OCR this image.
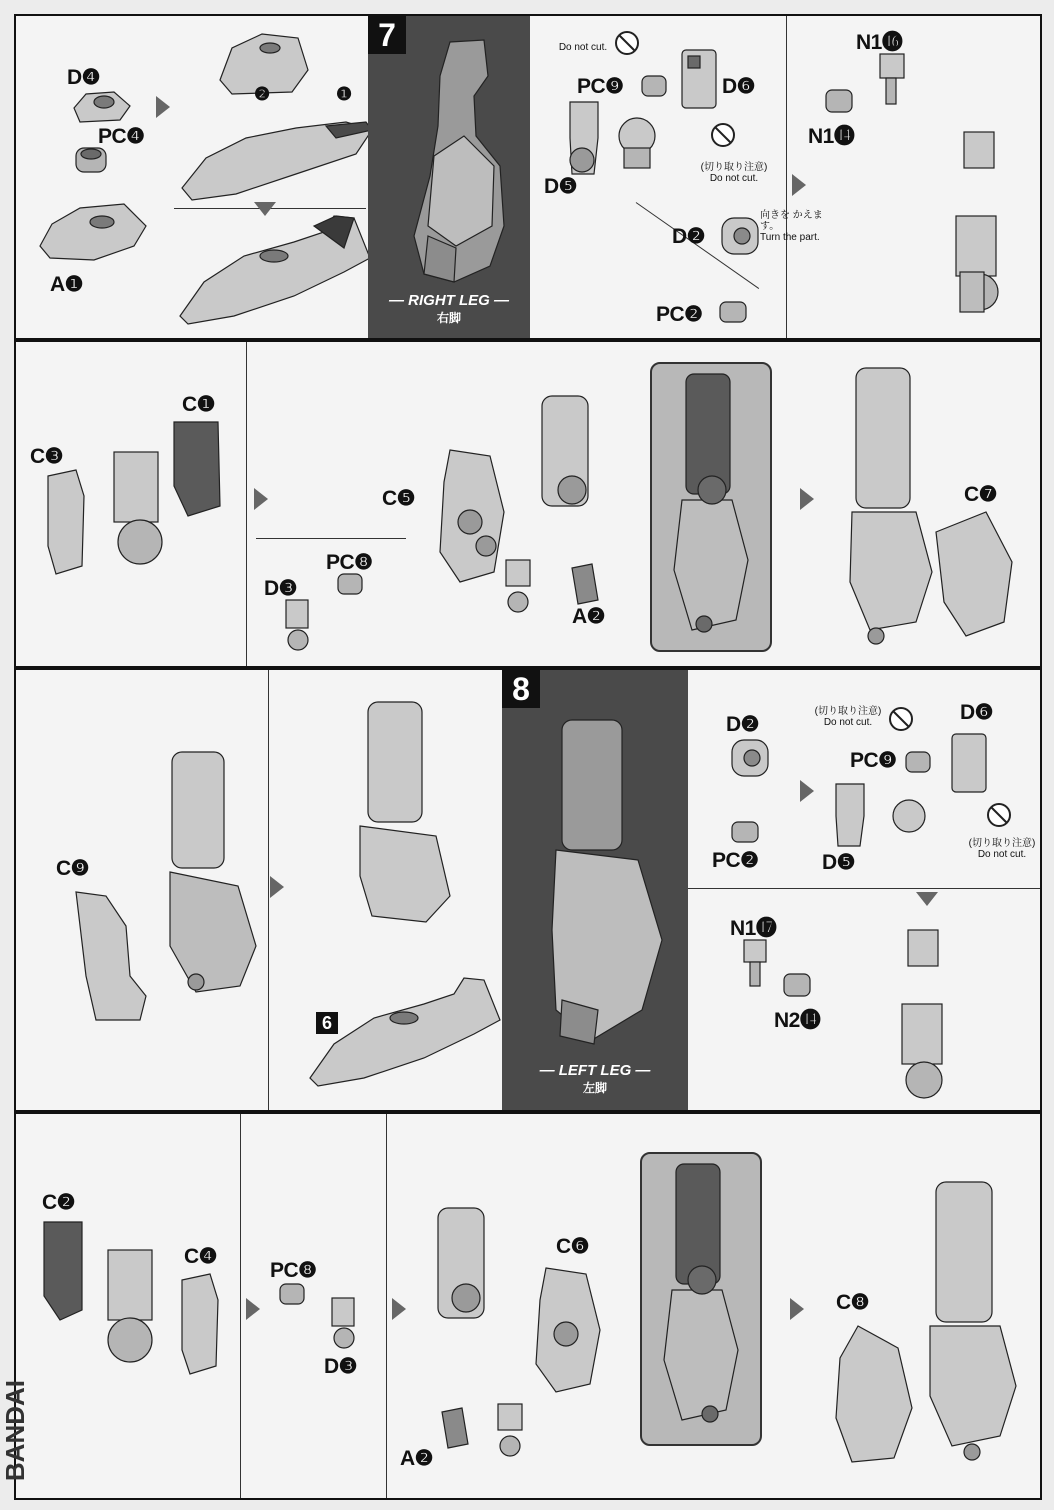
D❹
PC❹
A❶
❷	❶
7
— RIGHT LEG —
右脚
Do not cut.
PC❾	D❻
D❺
(切り取り注意)
Do not cut.
D❷
PC❷
向きを かえます。
Turn the part.
N1⓰
N1⓮
C❶
C❸
PC❽
D❸
C❺
A❷
C❼
C❾
6
8
— LEFT LEG —
左脚
D❷
PC❷
(切り取り注意)
Do not cut.	D❻
PC❾
D❺
(切り取り注意)
Do not cut.
N1⓱
N2⓮
C❷
C❹
PC❽
D❸
C❻
A❷
C❽
BANDAI
